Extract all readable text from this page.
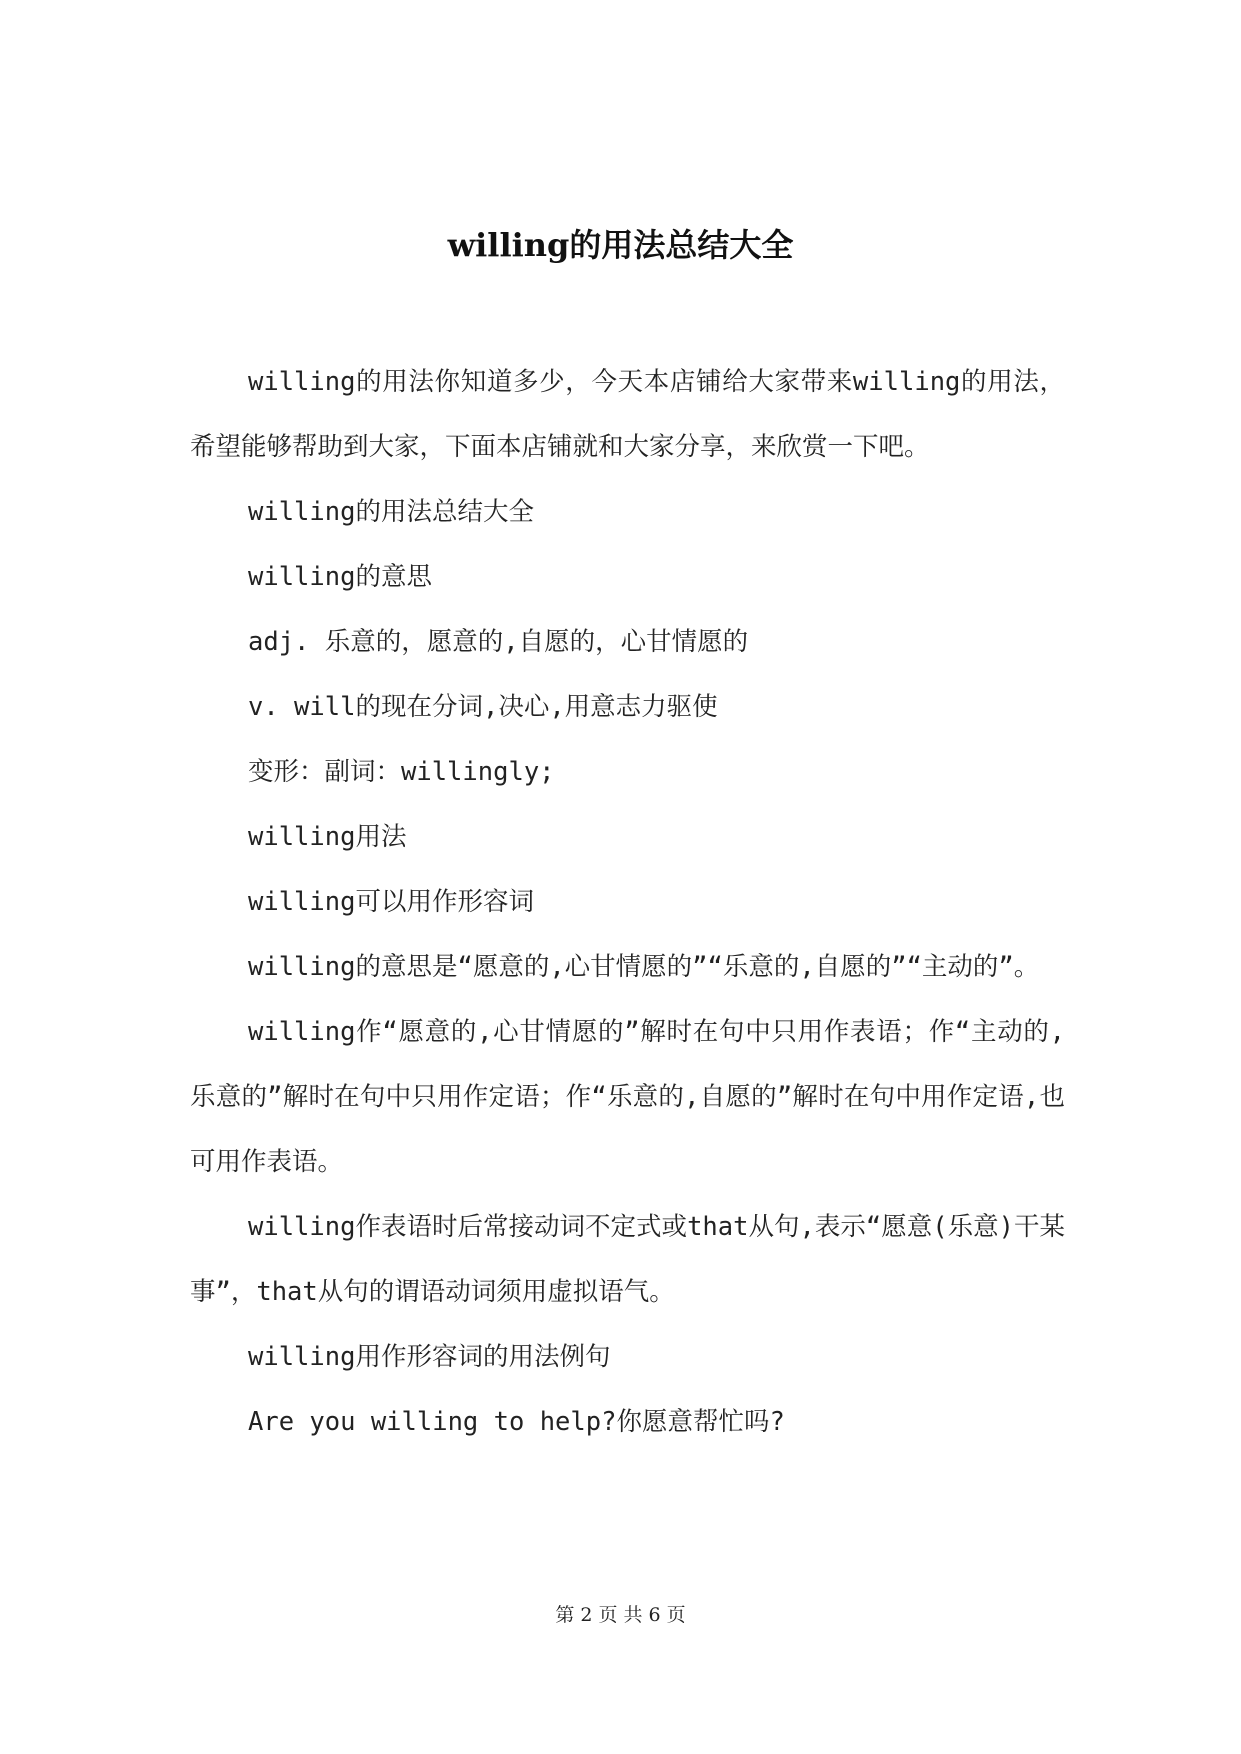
willing的用法总结大全

willing的用法你知道多少，今天本店铺给大家带来willing的用法，希望能够帮助到大家，下面本店铺就和大家分享，来欣赏一下吧。

willing的用法总结大全

willing的意思

adj. 乐意的，愿意的,自愿的，心甘情愿的

v. will的现在分词,决心,用意志力驱使

变形：副词：willingly;

willing用法

willing可以用作形容词

willing的意思是“愿意的,心甘情愿的”“乐意的,自愿的”“主动的”。

willing作“愿意的,心甘情愿的”解时在句中只用作表语；作“主动的,乐意的”解时在句中只用作定语；作“乐意的,自愿的”解时在句中用作定语,也可用作表语。

willing作表语时后常接动词不定式或that从句,表示“愿意(乐意)干某事”，that从句的谓语动词须用虚拟语气。

willing用作形容词的用法例句

Are you willing to help?你愿意帮忙吗?

第 2 页 共 6 页
